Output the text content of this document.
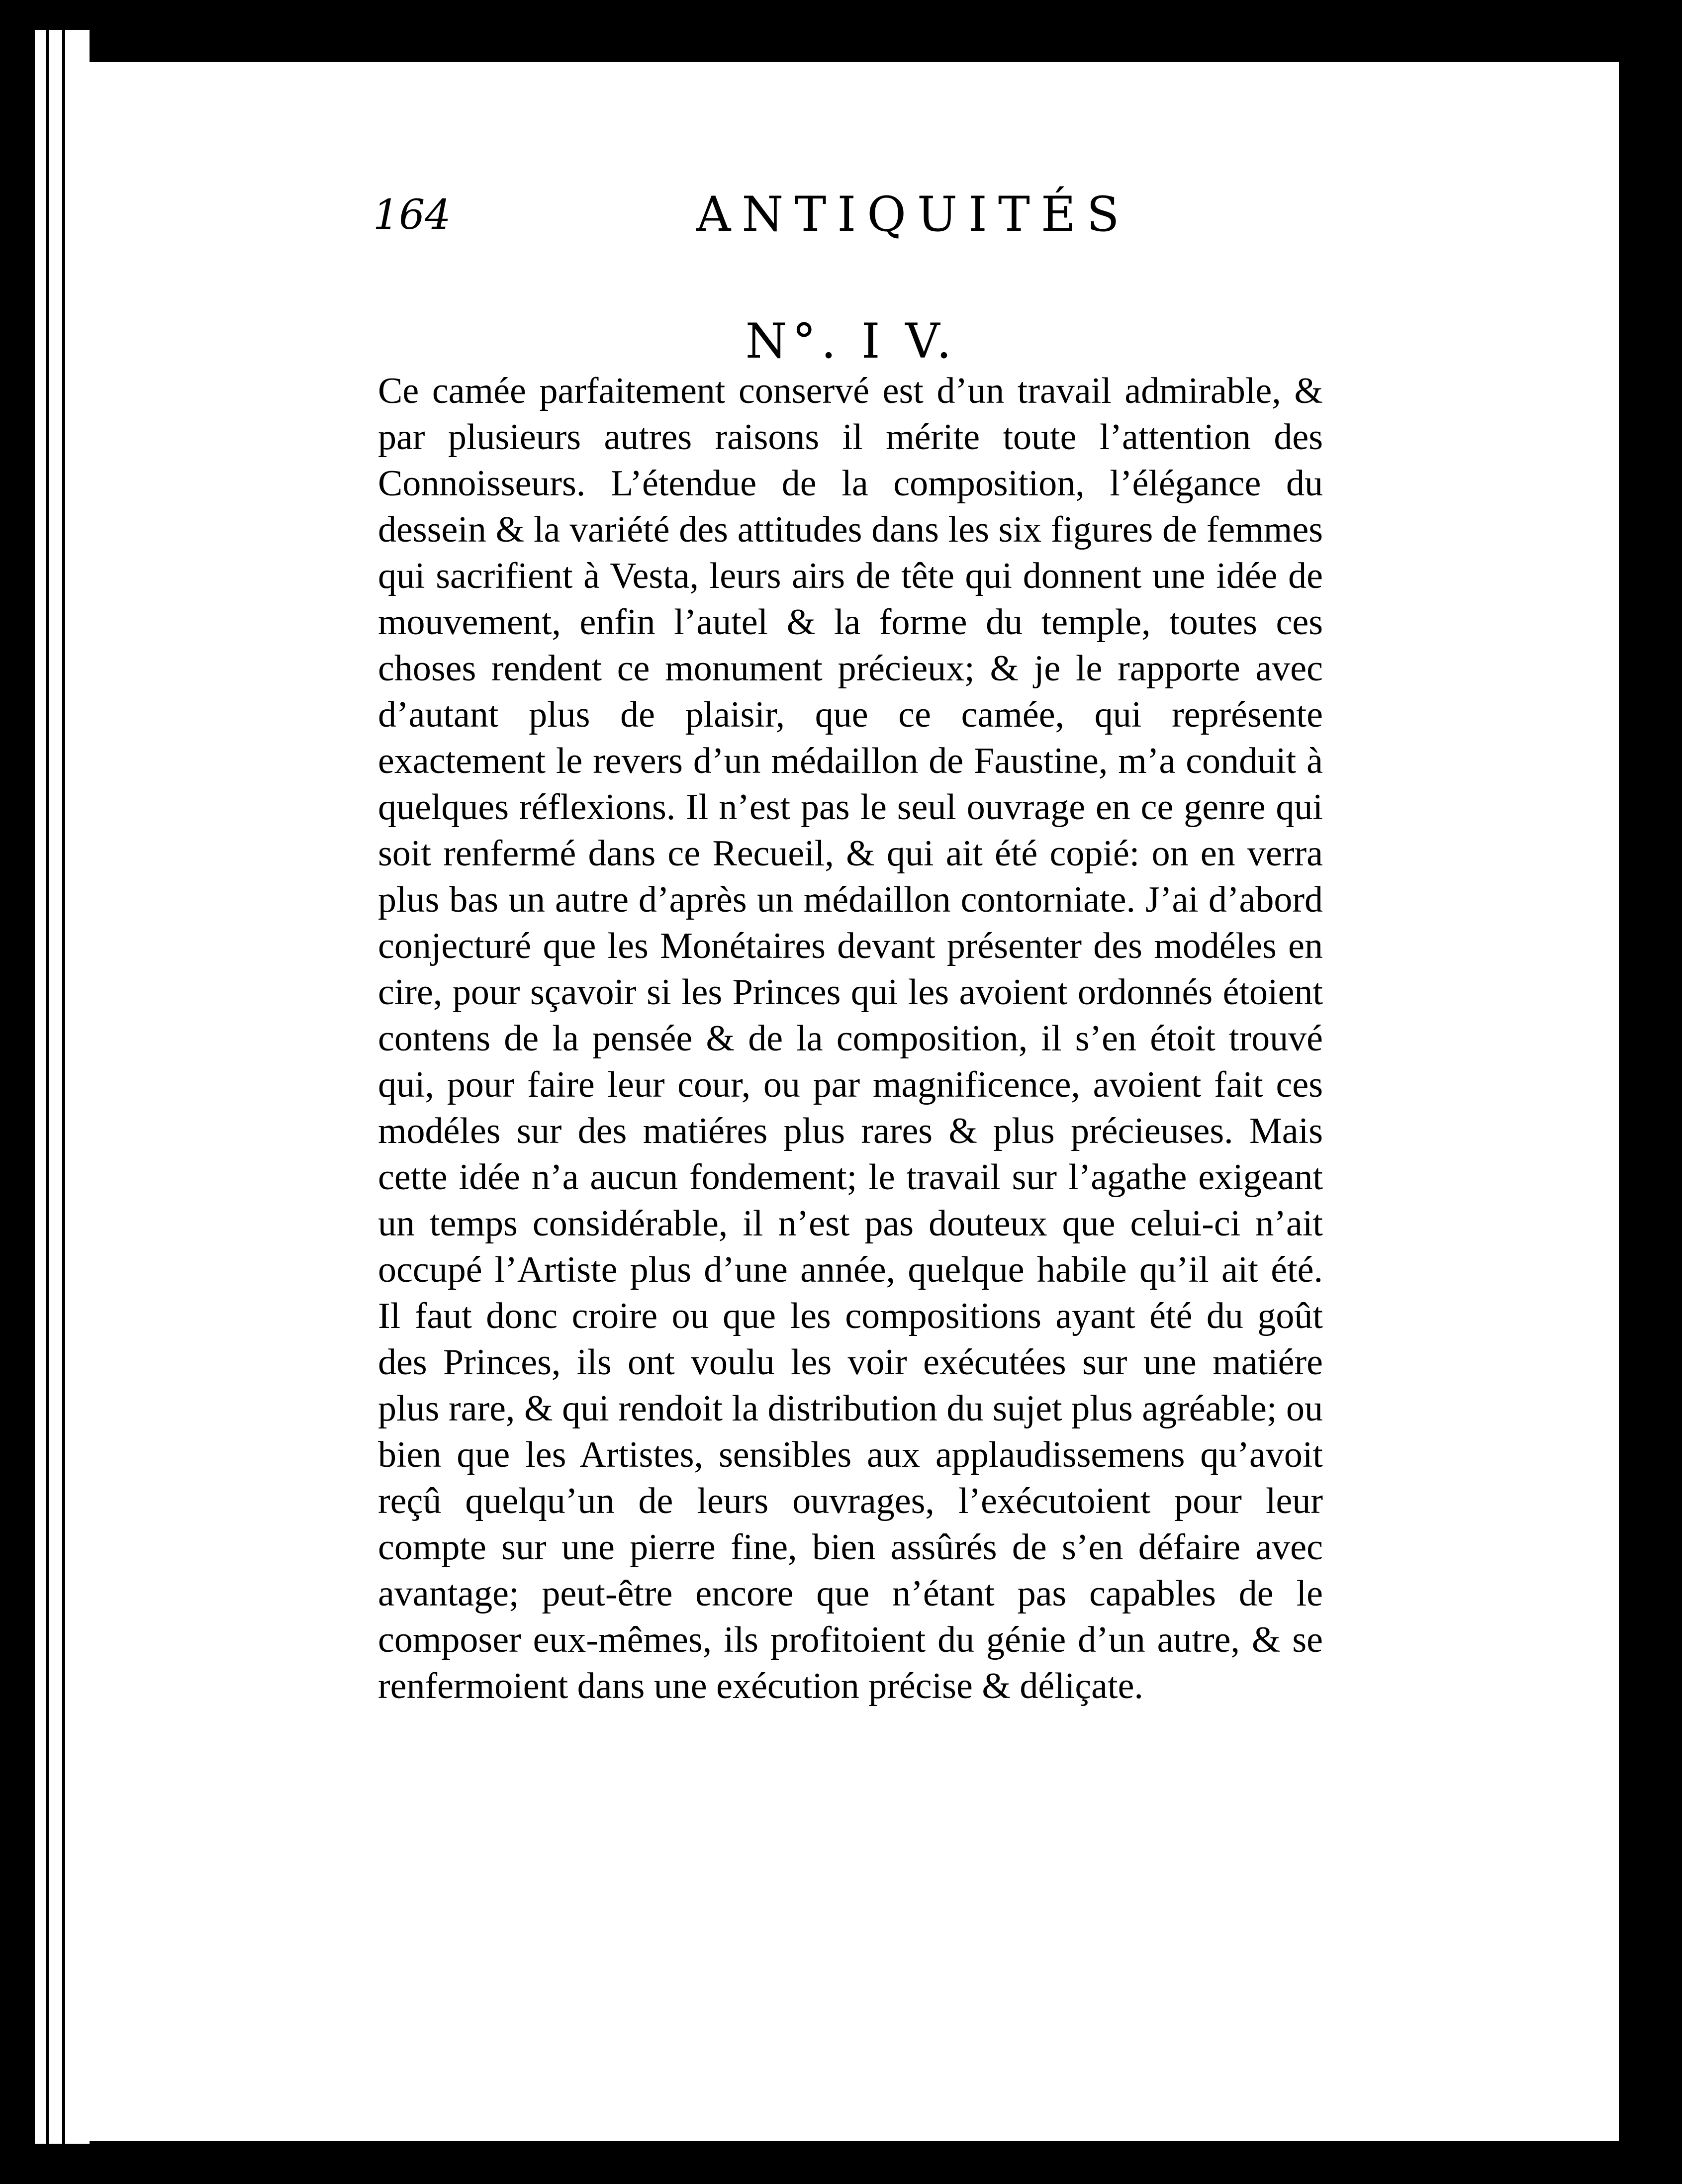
164	ANTIQUITÉS
N°. I V.

Ce camée parfaitement conservé est d’un travail admirable, & par plusieurs autres raisons il mérite toute l’attention des Connoisseurs. L’étendue de la composition, l’élégance du dessein & la variété des attitudes dans les six figures de femmes qui sacrifient à Vesta, leurs airs de tête qui donnent une idée de mouvement, enfin l’autel & la forme du temple, toutes ces choses rendent ce monument précieux; & je le rapporte avec d’autant plus de plaisir, que ce camée, qui représente exactement le revers d’un médaillon de Faustine, m’a conduit à quelques réflexions. Il n’est pas le seul ouvrage en ce genre qui soit renfermé dans ce Recueil, & qui ait été copié: on en verra plus bas un autre d’après un médaillon contorniate. J’ai d’abord conjecturé que les Monétaires devant présenter des modéles en cire, pour sçavoir si les Princes qui les avoient ordonnés étoient contens de la pensée & de la composition, il s’en étoit trouvé qui, pour faire leur cour, ou par magnificence, avoient fait ces modéles sur des matiéres plus rares & plus précieuses. Mais cette idée n’a aucun fondement; le travail sur l’agathe exigeant un temps considérable, il n’est pas douteux que celui-ci n’ait occupé l’Artiste plus d’une année, quelque habile qu’il ait été. Il faut donc croire ou que les compositions ayant été du goût des Princes, ils ont voulu les voir exécutées sur une matiére plus rare, & qui rendoit la distribution du sujet plus agréable; ou bien que les Artistes, sensibles aux applaudissemens qu’avoit reçû quelqu’un de leurs ouvrages, l’exécutoient pour leur compte sur une pierre fine, bien assûrés de s’en défaire avec avantage; peut-être encore que n’étant pas capables de le composer eux-mêmes, ils profitoient du génie d’un autre, & se renfermoient dans une exécution précise & déliçate.
